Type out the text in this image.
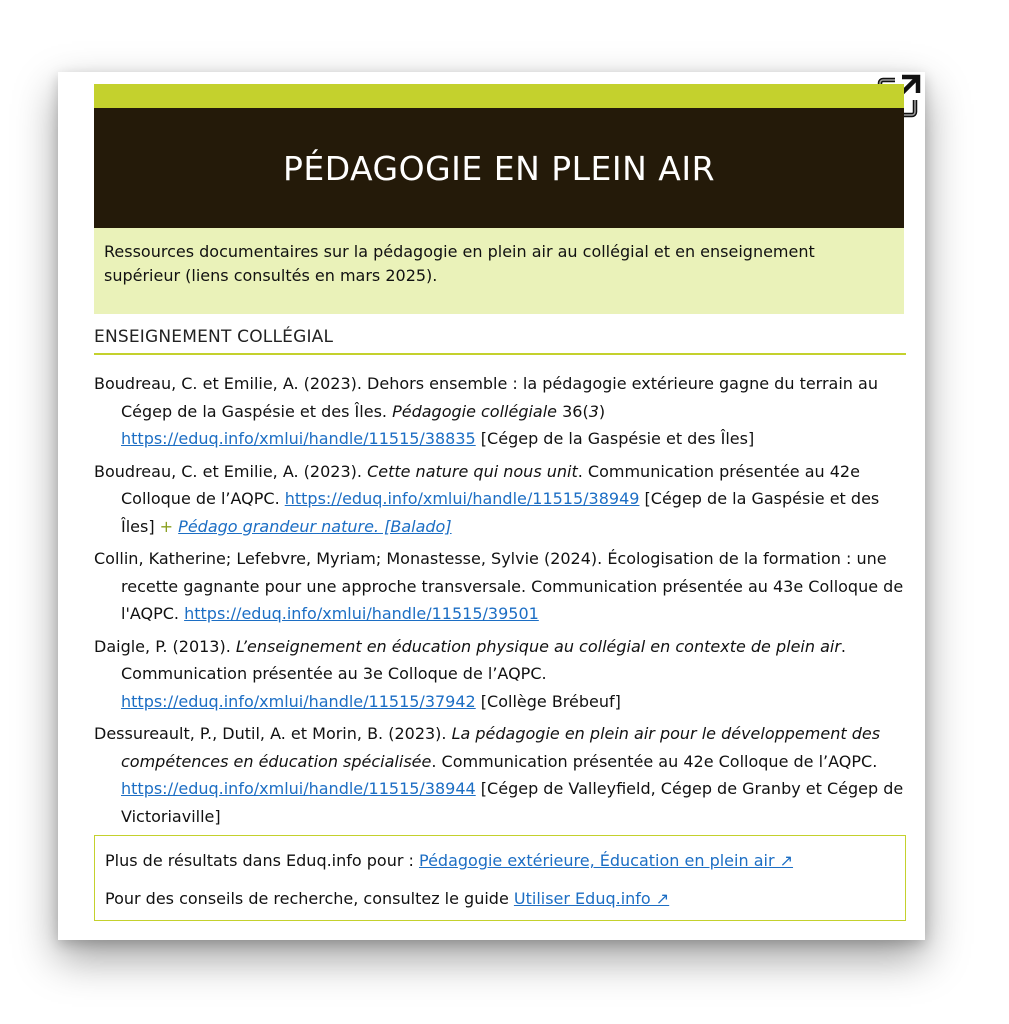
PÉDAGOGIE EN PLEIN AIR
Ressources documentaires sur la pédagogie en plein air au collégial et en enseignement supérieur (liens consultés en mars 2025).
ENSEIGNEMENT COLLÉGIAL
Boudreau, C. et Emilie, A. (2023). Dehors ensemble : la pédagogie extérieure gagne du terrain au Cégep de la Gaspésie et des Îles. Pédagogie collégiale 36(3) https://eduq.info/xmlui/handle/11515/38835 [Cégep de la Gaspésie et des Îles]
Boudreau, C. et Emilie, A. (2023). Cette nature qui nous unit. Communication présentée au 42e Colloque de l’AQPC. https://eduq.info/xmlui/handle/11515/38949 [Cégep de la Gaspésie et des Îles] + Pédago grandeur nature. [Balado]
Collin, Katherine; Lefebvre, Myriam; Monastesse, Sylvie (2024). Écologisation de la formation : une recette gagnante pour une approche transversale. Communication présentée au 43e Colloque de l'AQPC. https://eduq.info/xmlui/handle/11515/39501
Daigle, P. (2013). L’enseignement en éducation physique au collégial en contexte de plein air. Communication présentée au 3e Colloque de l’AQPC. https://eduq.info/xmlui/handle/11515/37942 [Collège Brébeuf]
Dessureault, P., Dutil, A. et Morin, B. (2023). La pédagogie en plein air pour le développement des compétences en éducation spécialisée. Communication présentée au 42e Colloque de l’AQPC. https://eduq.info/xmlui/handle/11515/38944 [Cégep de Valleyfield, Cégep de Granby et Cégep de Victoriaville]

Plus de résultats dans Eduq.info pour : Pédagogie extérieure, Éducation en plein air ↗

Pour des conseils de recherche, consultez le guide Utiliser Eduq.info ↗
